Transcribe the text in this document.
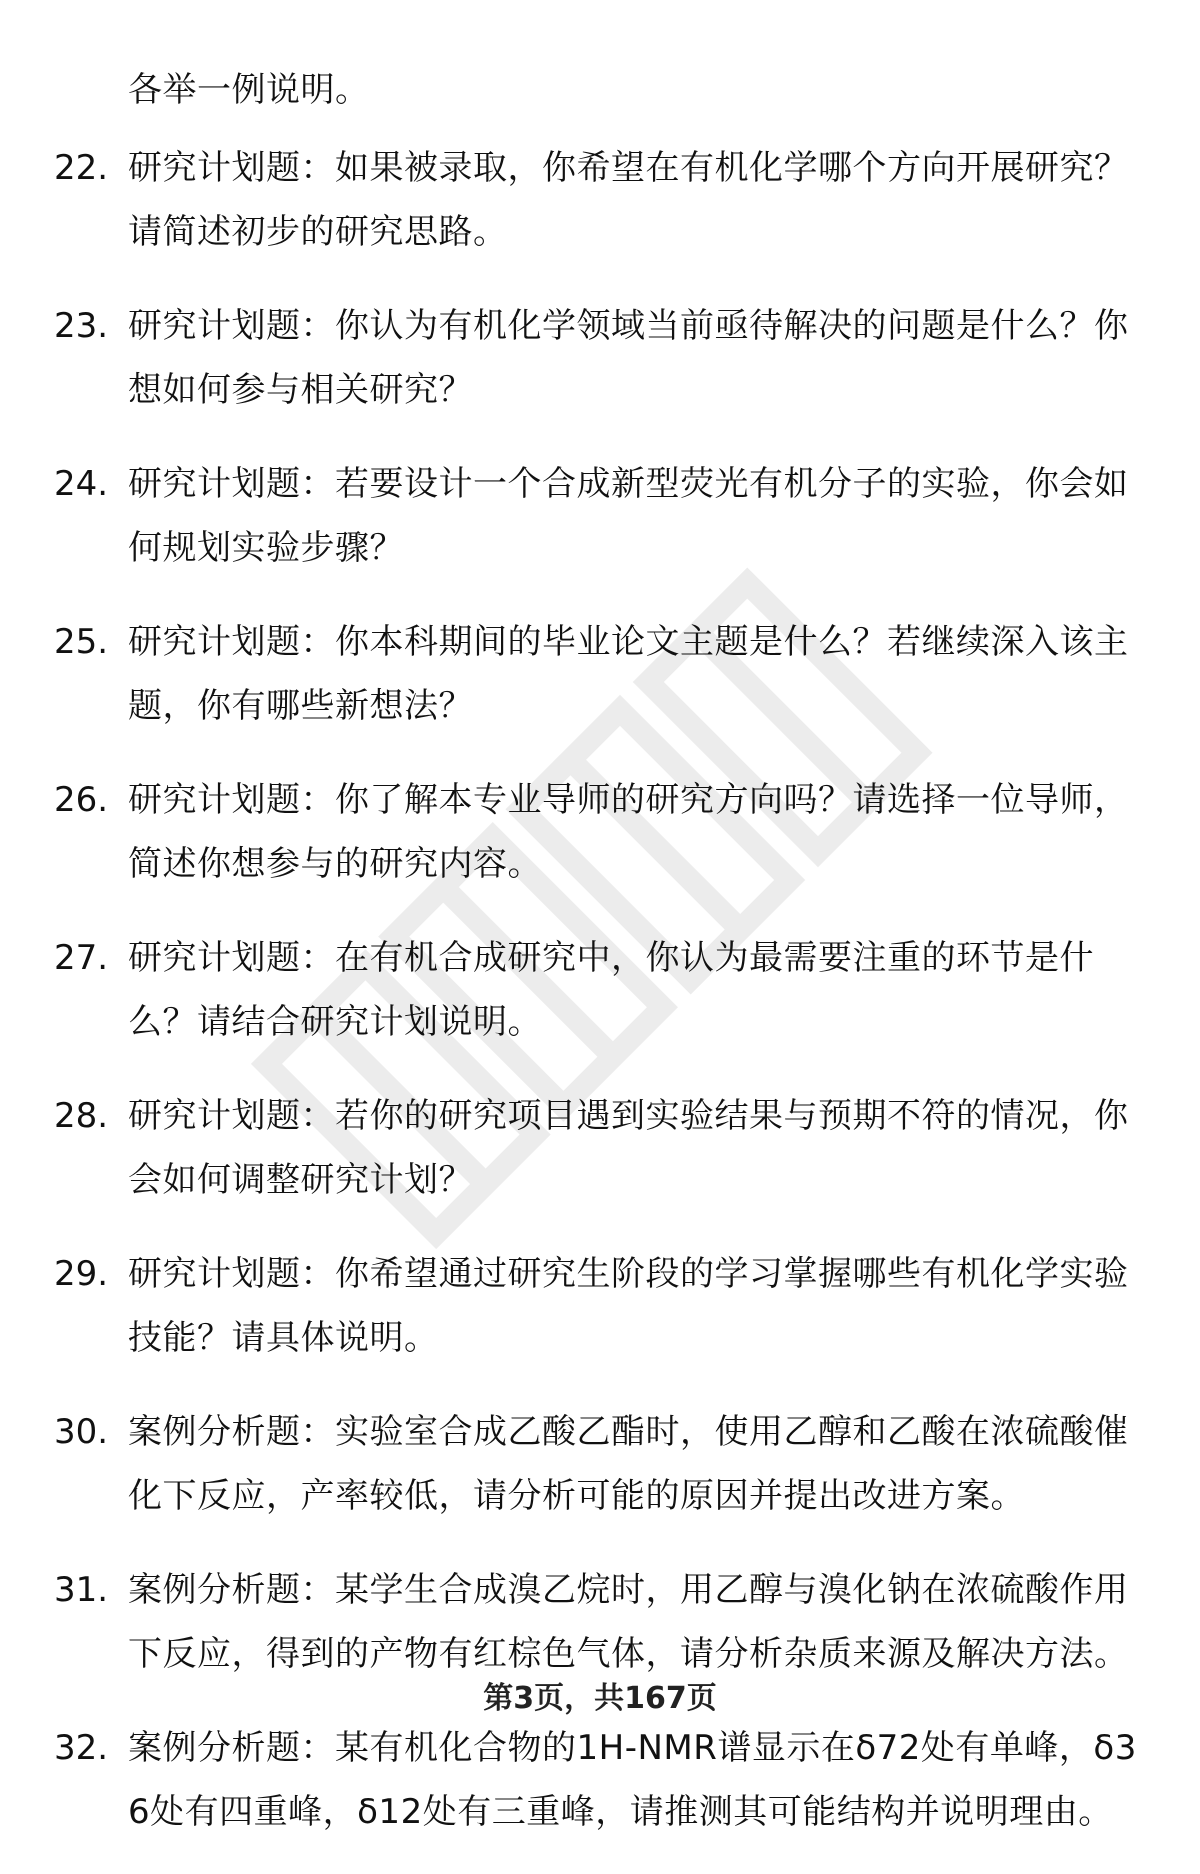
各举一例说明。
22. 研究计划题：如果被录取，你希望在有机化学哪个方向开展研究？请简述初步的研究思路。
23. 研究计划题：你认为有机化学领域当前亟待解决的问题是什么？你想如何参与相关研究？
24. 研究计划题：若要设计一个合成新型荧光有机分子的实验，你会如何规划实验步骤？
25. 研究计划题：你本科期间的毕业论文主题是什么？若继续深入该主题，你有哪些新想法？
26. 研究计划题：你了解本专业导师的研究方向吗？请选择一位导师，简述你想参与的研究内容。
27. 研究计划题：在有机合成研究中，你认为最需要注重的环节是什么？请结合研究计划说明。
28. 研究计划题：若你的研究项目遇到实验结果与预期不符的情况，你会如何调整研究计划？
29. 研究计划题：你希望通过研究生阶段的学习掌握哪些有机化学实验技能？请具体说明。
30. 案例分析题：实验室合成乙酸乙酯时，使用乙醇和乙酸在浓硫酸催化下反应，产率较低，请分析可能的原因并提出改进方案。
31. 案例分析题：某学生合成溴乙烷时，用乙醇与溴化钠在浓硫酸作用下反应，得到的产物有红棕色气体，请分析杂质来源及解决方法。
32. 案例分析题：某有机化合物的1H-NMR谱显示在δ72处有单峰，δ36处有四重峰，δ12处有三重峰，请推测其可能结构并说明理由。
第3页，共167页
